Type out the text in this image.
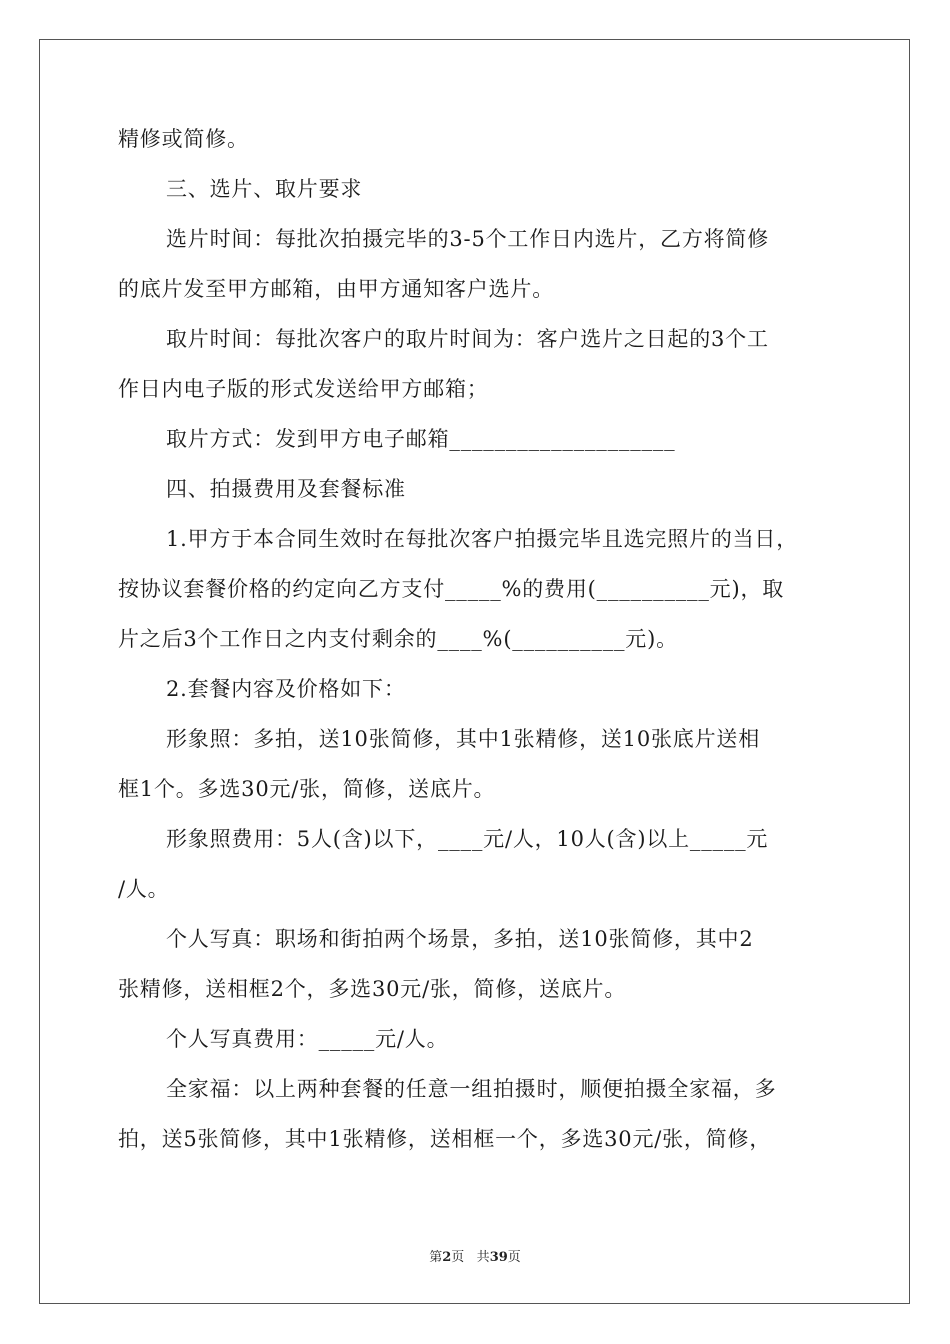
精修或简修。
三、选片、取片要求
选片时间：每批次拍摄完毕的3-5个工作日内选片，乙方将简修
的底片发至甲方邮箱，由甲方通知客户选片。
取片时间：每批次客户的取片时间为：客户选片之日起的3个工
作日内电子版的形式发送给甲方邮箱；
取片方式：发到甲方电子邮箱____________________
四、拍摄费用及套餐标准
1.甲方于本合同生效时在每批次客户拍摄完毕且选完照片的当日，
按协议套餐价格的约定向乙方支付_____%的费用(__________元)，取
片之后3个工作日之内支付剩余的____%(__________元)。
2.套餐内容及价格如下：
形象照：多拍，送10张简修，其中1张精修，送10张底片送相
框1个。多选30元/张，简修，送底片。
形象照费用：5人(含)以下，____元/人，10人(含)以上_____元
/人。
个人写真：职场和街拍两个场景，多拍，送10张简修，其中2
张精修，送相框2个，多选30元/张，简修，送底片。
个人写真费用：_____元/人。
全家福：以上两种套餐的任意一组拍摄时，顺便拍摄全家福，多
拍，送5张简修，其中1张精修，送相框一个，多选30元/张，简修，
第2页 共39页
